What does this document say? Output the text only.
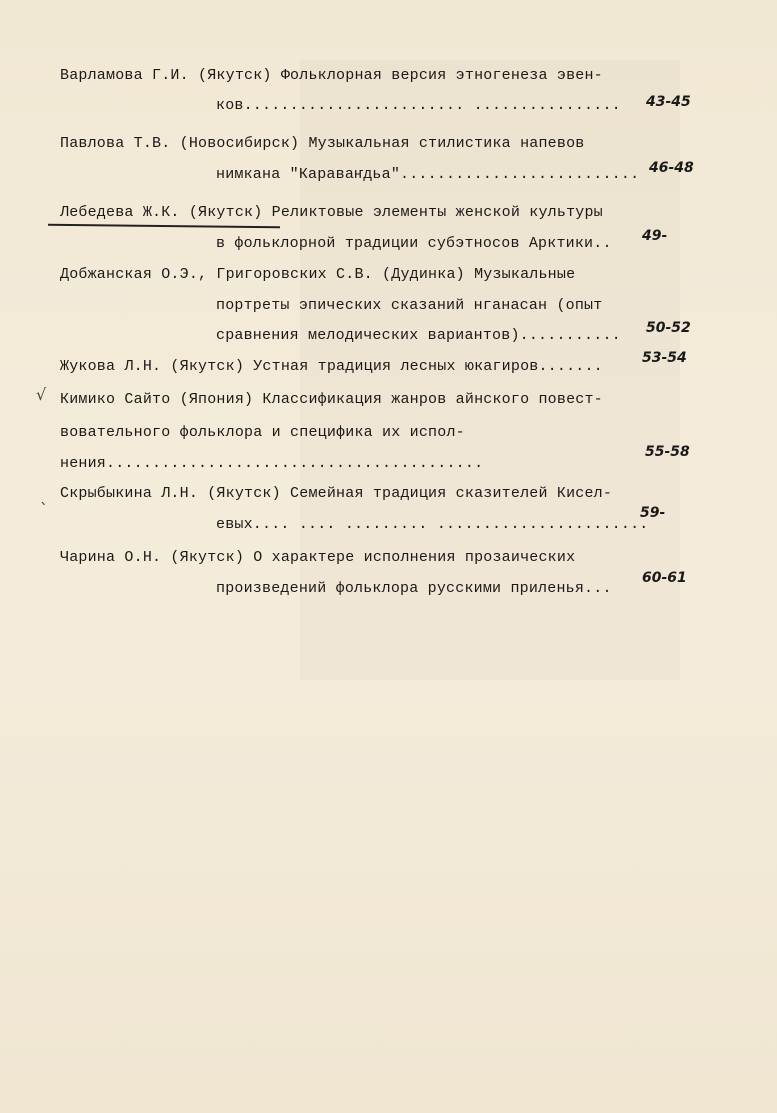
Варламова Г.И. (Якутск) Фольклорная версия этногенеза эвен-
ков........................ ................ 43-45
Павлова Т.В. (Новосибирск) Музыкальная стилистика напевов
нимкана "Караваҥдьа".......................... 46-48
Лебедева Ж.К. (Якутск) Реликтовые элементы женской культуры
в фольклорной традиции субэтносов Арктики.. 49-
Добжанская О.Э., Григоровских С.В. (Дудинка) Музыкальные
портреты эпических сказаний нганасан (опыт
сравнения мелодических вариантов)........... 50-52
Жукова Л.Н. (Якутск) Устная традиция лесных юкагиров.......	53-54
√ Кимико Сайто (Япония) Классификация жанров айнского повест-
вовательного фольклора и специфика их испол-
нения.........................................
55-58
ˎ Скрыбыкина Л.Н. (Якутск) Семейная традиция сказителей Кисел-
евых.... .... ......... .......................
59-
Чарина О.Н. (Якутск) О характере исполнения прозаических
произведений фольклора русскими приленья...
60-61
